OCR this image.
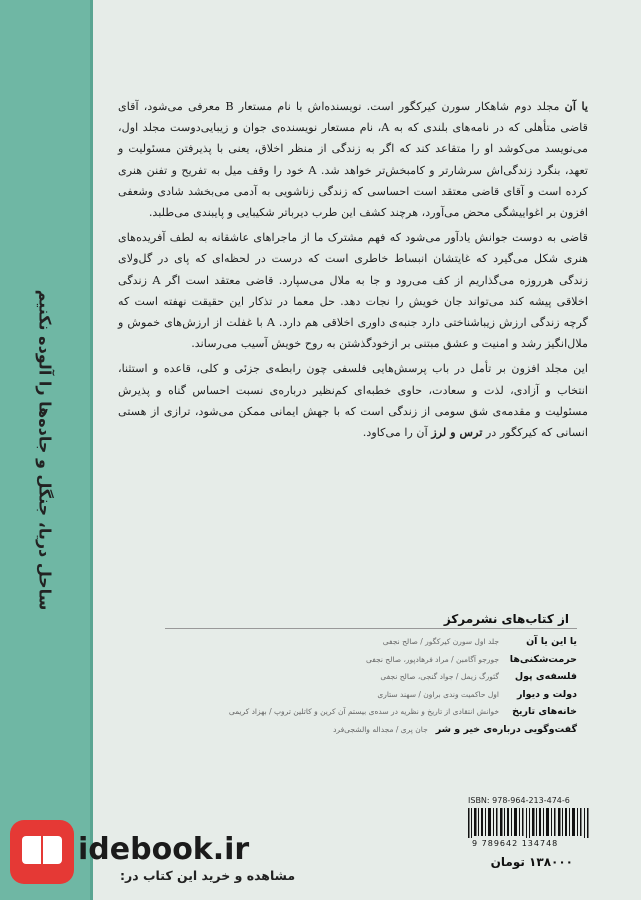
ساحل دریا، جنگل و جاده‌ها را آلوده نکنیم

یا آن مجلد دوم شاهکار سورن کیرکگور است. نویسنده‌اش با نام مستعار B معرفی می‌شود، آقای قاضی متأهلی که در نامه‌های بلندی که به A، نام مستعار نویسنده‌ی جوان و زیبایی‌دوست مجلد اول، می‌نویسد می‌کوشد او را متقاعد کند که اگر به زندگی از منظر اخلاق، یعنی با پذیرفتن مسئولیت و تعهد، بنگرد زندگی‌اش سرشارتر و کامبخش‌تر خواهد شد. A خود را وقف میل به تفریح و تفنن هنری کرده است و آقای قاضی معتقد است احساسی که زندگی زناشویی به آدمی می‌بخشد شادی وشعفی افزون بر اغواییشگی محض می‌آورد، هرچند کشف این طرب دیرباتر شکیبایی و پایبندی می‌طلبد.

قاضی به دوست جوانش یادآور می‌شود که فهم مشترک ما از ماجراهای عاشقانه به لطف آفریده‌های هنری شکل می‌گیرد که غایتشان انبساط خاطری است که درست در لحظه‌ای که پای در گل‌ولای زندگی هرروزه می‌گذاریم از کف می‌رود و جا به ملال می‌سپارد. قاضی معتقد است اگر A زندگی اخلاقی پیشه کند می‌تواند جان خویش را نجات دهد. حل معما در تذکار این حقیقت نهفته است که گرچه زندگی ارزش زیباشناختی دارد جنبه‌ی داوری اخلاقی هم دارد. A با غفلت از ارزش‌های خموش و ملال‌انگیز رشد و امنیت و عشق مبتنی بر ازخودگذشتن به روح خویش آسیب می‌رساند.

این مجلد افزون بر تأمل در باب پرسش‌هایی فلسفی چون رابطه‌ی جزئی و کلی، قاعده و استثنا، انتخاب و آزادی، لذت و سعادت، حاوی خطبه‌ای کم‌نظیر درباره‌ی نسبت احساس گناه و پذیرش مسئولیت و مقدمه‌ی شق سومی از زندگی است که با جهش ایمانی ممکن می‌شود، ترازی از هستی انسانی که کیرکگور در ترس و لرز آن را می‌کاود.

از کتاب‌های نشرمرکز
یا این یا آن
جلد اول سورن کیرکگور / صالح نجفی
حرمت‌شکنی‌ها
جورجو آگامبن / مراد فرهادپور، صالح نجفی
فلسفه‌ی پول
گئورگ زیمل / جواد گنجی، صالح نجفی
دولت و دیوار
اول حاکمیت وندی براون / سهند ستاری
خانه‌های تاریخ
خوانش انتقادی از تاریخ و نظریه در سده‌ی بیستم آن کرین و کاتلین تروپ / بهزاد کریمی
گفت‌وگویی درباره‌ی خیر و شر
جان پری / مجداله والشجی‌فرد
ISBN: 978-964-213-474-6
9 789642 134748
۱۳۸۰۰۰ تومان
idebook.ir
مشاهده و خرید این کتاب در:
